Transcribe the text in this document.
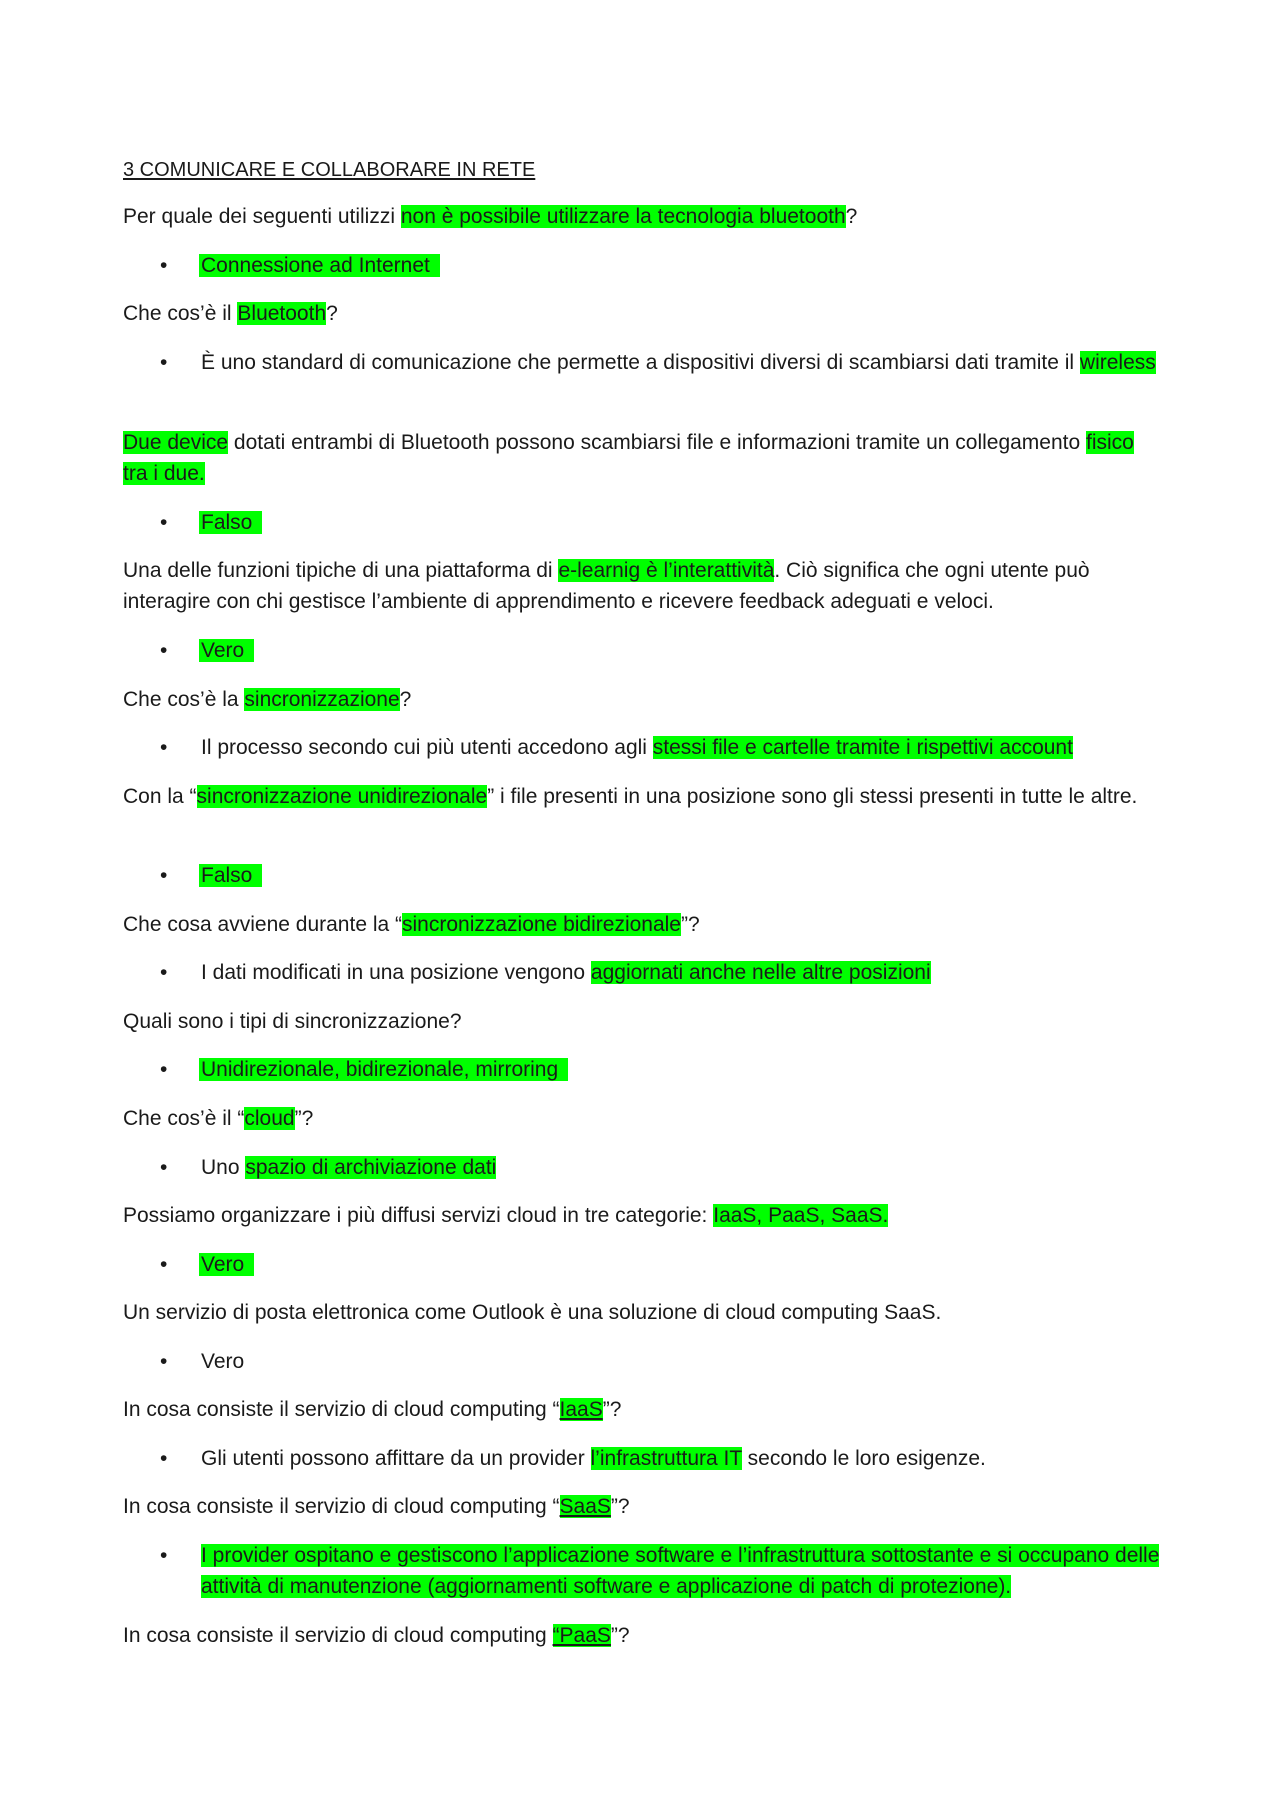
3 COMUNICARE E COLLABORARE IN RETE

Per quale dei seguenti utilizzi non è possibile utilizzare la tecnologia bluetooth?

• Connessione ad Internet

Che cos’è il Bluetooth?

• È uno standard di comunicazione che permette a dispositivi diversi di scambiarsi dati tramite il wireless

Due device dotati entrambi di Bluetooth possono scambiarsi file e informazioni tramite un collegamento fisico tra i due.

• Falso

Una delle funzioni tipiche di una piattaforma di e-learnig è l’interattività. Ciò significa che ogni utente può interagire con chi gestisce l’ambiente di apprendimento e ricevere feedback adeguati e veloci.

• Vero

Che cos’è la sincronizzazione?

• Il processo secondo cui più utenti accedono agli stessi file e cartelle tramite i rispettivi account

Con la “sincronizzazione unidirezionale” i file presenti in una posizione sono gli stessi presenti in tutte le altre.

• Falso

Che cosa avviene durante la “sincronizzazione bidirezionale”?

• I dati modificati in una posizione vengono aggiornati anche nelle altre posizioni

Quali sono i tipi di sincronizzazione?

• Unidirezionale, bidirezionale, mirroring

Che cos’è il “cloud”?

• Uno spazio di archiviazione dati

Possiamo organizzare i più diffusi servizi cloud in tre categorie: IaaS, PaaS, SaaS.

• Vero

Un servizio di posta elettronica come Outlook è una soluzione di cloud computing SaaS.

• Vero

In cosa consiste il servizio di cloud computing “IaaS”?

• Gli utenti possono affittare da un provider l’infrastruttura IT secondo le loro esigenze.

In cosa consiste il servizio di cloud computing “SaaS”?

• I provider ospitano e gestiscono l’applicazione software e l’infrastruttura sottostante e si occupano delle attività di manutenzione (aggiornamenti software e applicazione di patch di protezione).

In cosa consiste il servizio di cloud computing “PaaS”?
